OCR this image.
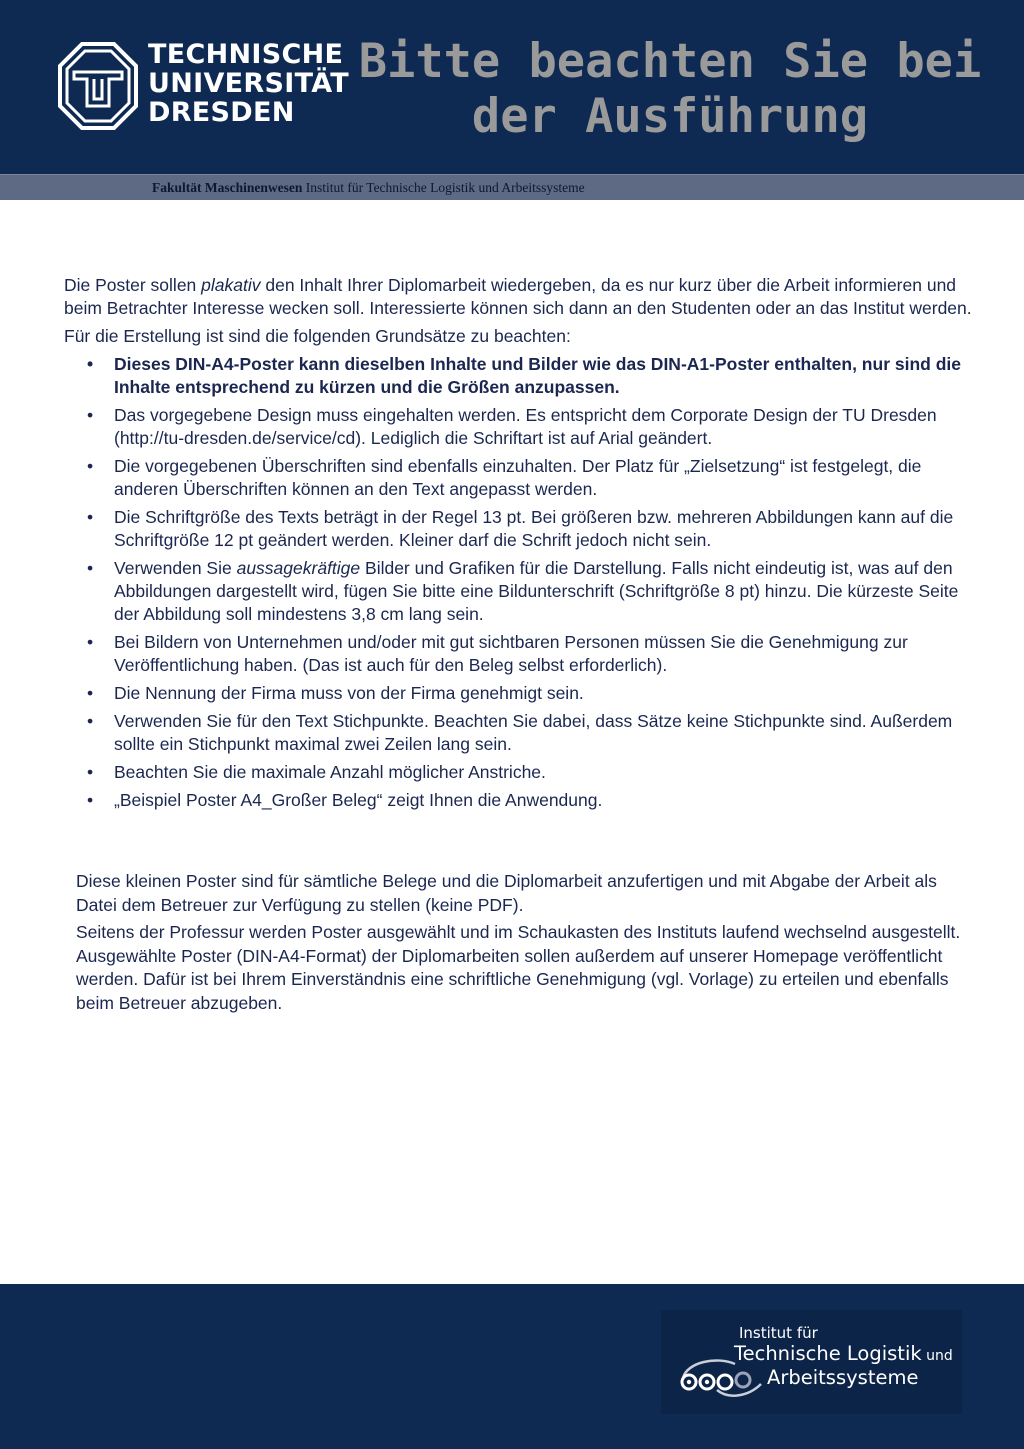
TECHNISCHE
UNIVERSITÄT
DRESDEN
Bitte beachten Sie bei
der Ausführung
Fakultät Maschinenwesen Institut für Technische Logistik und Arbeitssysteme

Die Poster sollen plakativ den Inhalt Ihrer Diplomarbeit wiedergeben, da es nur kurz über die Arbeit informieren und beim Betrachter Interesse wecken soll. Interessierte können sich dann an den Studenten oder an das Institut werden.

Für die Erstellung ist sind die folgenden Grundsätze zu beachten:

• Dieses DIN-A4-Poster kann dieselben Inhalte und Bilder wie das DIN-A1-Poster enthalten, nur sind die Inhalte entsprechend zu kürzen und die Größen anzupassen.
• Das vorgegebene Design muss eingehalten werden. Es entspricht dem Corporate Design der TU Dresden (http://tu-dresden.de/service/cd). Lediglich die Schriftart ist auf Arial geändert.
• Die vorgegebenen Überschriften sind ebenfalls einzuhalten. Der Platz für „Zielsetzung“ ist festgelegt, die anderen Überschriften können an den Text angepasst werden.
• Die Schriftgröße des Texts beträgt in der Regel 13 pt. Bei größeren bzw. mehreren Abbildungen kann auf die Schriftgröße 12 pt geändert werden. Kleiner darf die Schrift jedoch nicht sein.
• Verwenden Sie aussagekräftige Bilder und Grafiken für die Darstellung. Falls nicht eindeutig ist, was auf den Abbildungen dargestellt wird, fügen Sie bitte eine Bildunterschrift (Schriftgröße 8 pt) hinzu. Die kürzeste Seite der Abbildung soll mindestens 3,8 cm lang sein.
• Bei Bildern von Unternehmen und/oder mit gut sichtbaren Personen müssen Sie die Genehmigung zur Veröffentlichung haben. (Das ist auch für den Beleg selbst erforderlich).
• Die Nennung der Firma muss von der Firma genehmigt sein.
• Verwenden Sie für den Text Stichpunkte. Beachten Sie dabei, dass Sätze keine Stichpunkte sind. Außerdem sollte ein Stichpunkt maximal zwei Zeilen lang sein.
• Beachten Sie die maximale Anzahl möglicher Anstriche.
• „Beispiel Poster A4_Großer Beleg“ zeigt Ihnen die Anwendung.

Diese kleinen Poster sind für sämtliche Belege und die Diplomarbeit anzufertigen und mit Abgabe der Arbeit als Datei dem Betreuer zur Verfügung zu stellen (keine PDF).

Seitens der Professur werden Poster ausgewählt und im Schaukasten des Instituts laufend wechselnd ausgestellt. Ausgewählte Poster (DIN-A4-Format) der Diplomarbeiten sollen außerdem auf unserer Homepage veröffentlicht werden. Dafür ist bei Ihrem Einverständnis eine schriftliche Genehmigung (vgl. Vorlage) zu erteilen und ebenfalls beim Betreuer abzugeben.

Institut für
Technische Logistik und
Arbeitssysteme
